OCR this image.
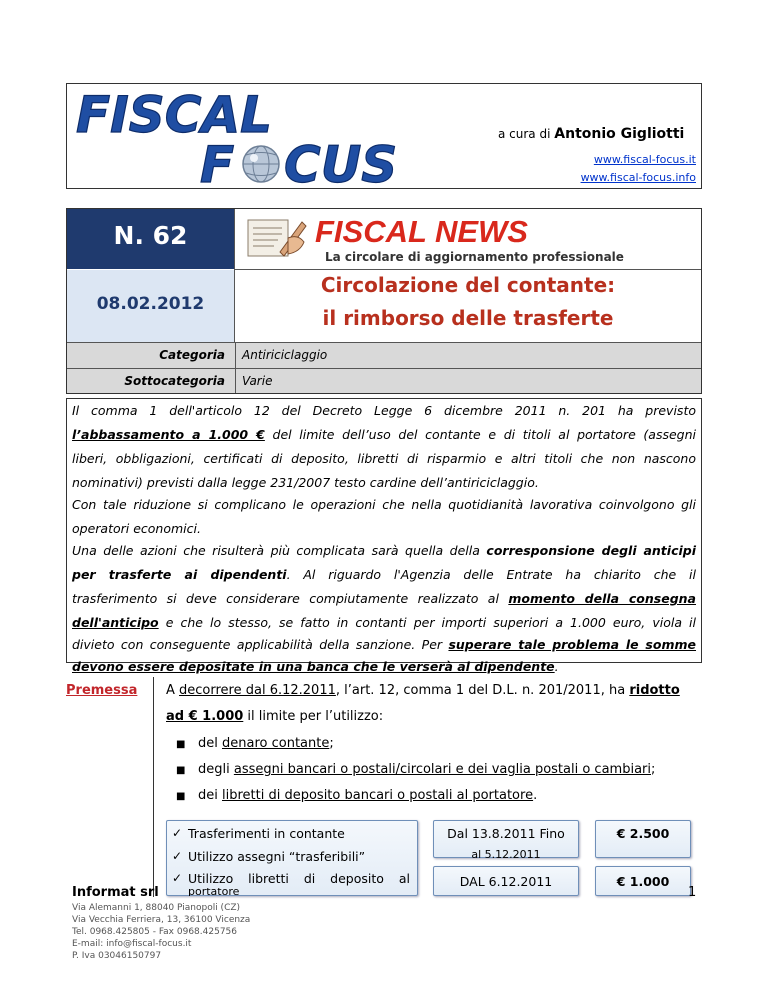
FISCAL
F CUS
a cura di Antonio Gigliotti
www.fiscal-focus.it
www.fiscal-focus.info
N. 62
08.02.2012
FISCAL NEWS
La circolare di aggiornamento professionale
Circolazione del contante:
il rimborso delle trasferte
Categoria Antiriciclaggio
Sottocategoria Varie
Il comma 1 dell'articolo 12 del Decreto Legge 6 dicembre 2011 n. 201 ha previsto
l’abbassamento a 1.000 € del limite dell’uso del contante e di titoli al portatore (assegni
liberi, obbligazioni, certificati di deposito, libretti di risparmio e altri titoli che non nascono
nominativi) previsti dalla legge 231/2007 testo cardine dell’antiriciclaggio.
Con tale riduzione si complicano le operazioni che nella quotidianità lavorativa coinvolgono gli
operatori economici.
Una delle azioni che risulterà più complicata sarà quella della corresponsione degli anticipi
per trasferte ai dipendenti. Al riguardo l'Agenzia delle Entrate ha chiarito che il
trasferimento si deve considerare compiutamente realizzato al momento della consegna
dell'anticipo e che lo stesso, se fatto in contanti per importi superiori a 1.000 euro, viola il
divieto con conseguente applicabilità della sanzione. Per superare tale problema le somme
devono essere depositate in una banca che le verserà al dipendente.
Premessa A decorrere dal 6.12.2011, l’art. 12, comma 1 del D.L. n. 201/2011, ha ridotto
ad € 1.000 il limite per l’utilizzo:
■ del denaro contante;
■ degli assegni bancari o postali/circolari e dei vaglia postali o cambiari;
■ dei libretti di deposito bancari o postali al portatore.
✓ Trasferimenti in contante
✓ Utilizzo assegni “trasferibili”
✓ Utilizzo libretti di deposito al
portatore
Dal 13.8.2011 Fino
al 5.12.2011
€ 2.500
DAL 6.12.2011	€ 1.000
Informat srl
Via Alemanni 1, 88040 Pianopoli (CZ)
Via Vecchia Ferriera, 13, 36100 Vicenza
Tel. 0968.425805 - Fax 0968.425756
E-mail: info@fiscal-focus.it
P. Iva 03046150797
1
